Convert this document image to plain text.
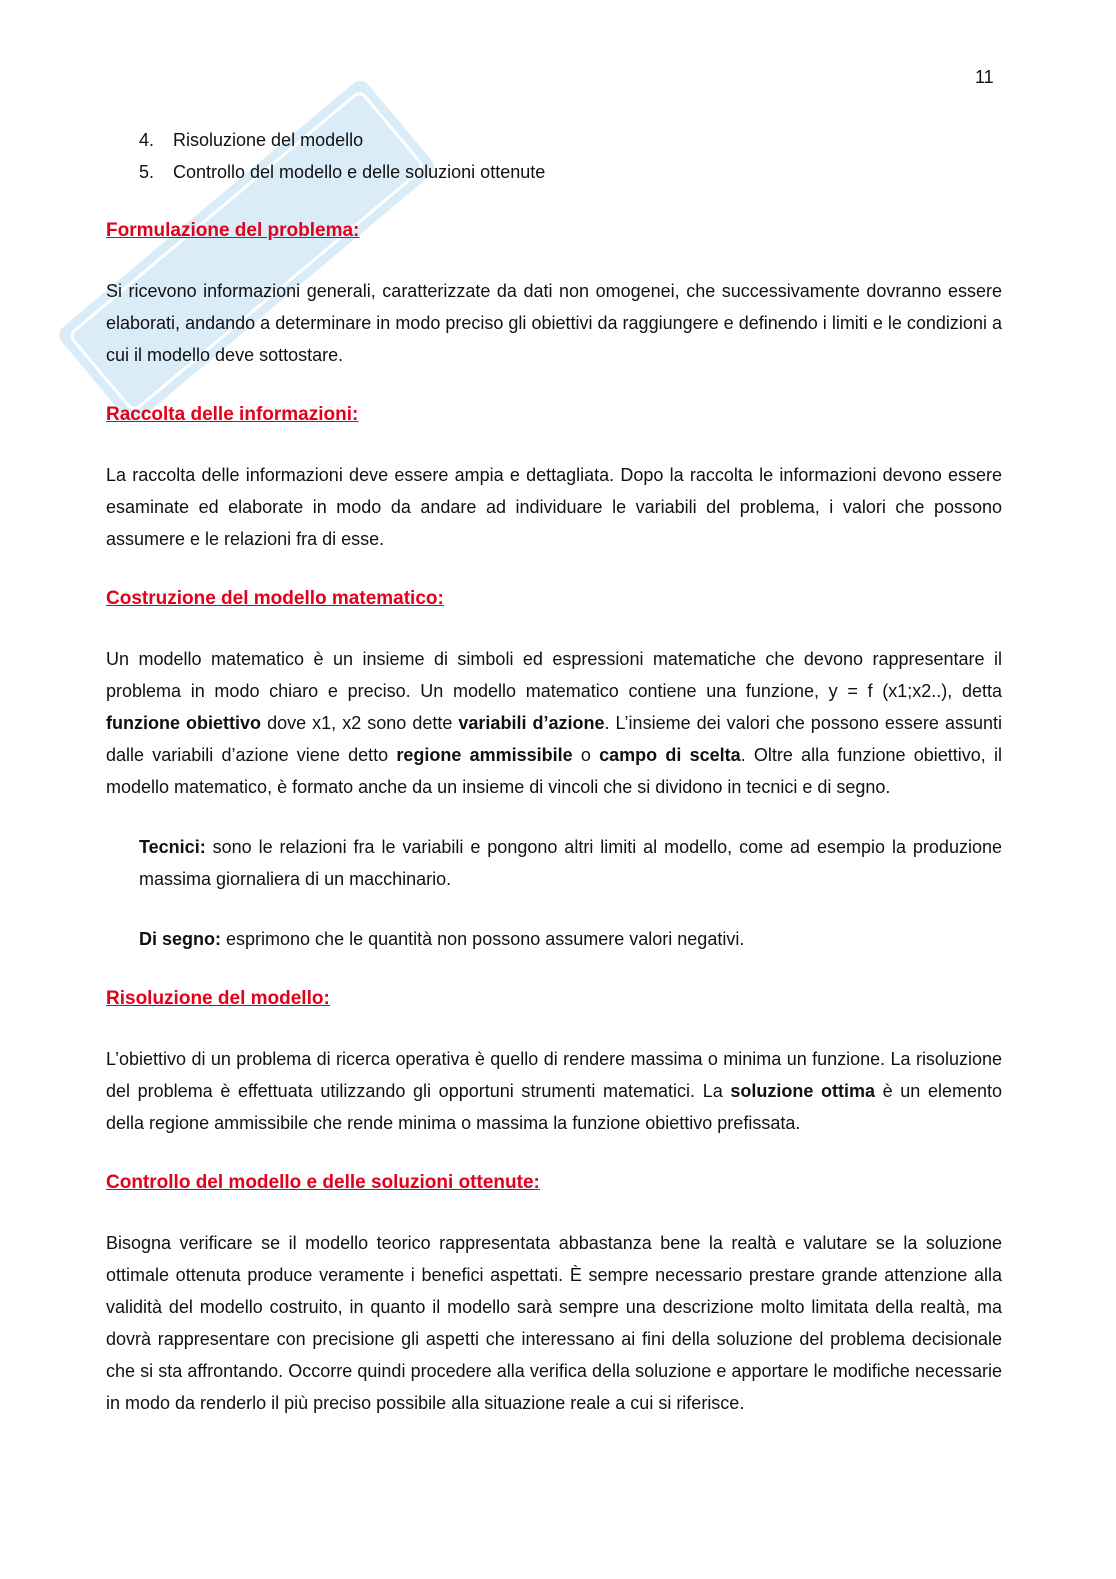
11
4. Risoluzione del modello
5. Controllo del modello e delle soluzioni ottenute
Formulazione del problema:

Si ricevono informazioni generali, caratterizzate da dati non omogenei, che successivamente dovranno essere elaborati, andando a determinare in modo preciso gli obiettivi da raggiungere e definendo i limiti e le condizioni a cui il modello deve sottostare.

Raccolta delle informazioni:

La raccolta delle informazioni deve essere ampia e dettagliata. Dopo la raccolta le informazioni devono essere esaminate ed elaborate in modo da andare ad individuare le variabili del problema, i valori che possono assumere e le relazioni fra di esse.

Costruzione del modello matematico:

Un modello matematico è un insieme di simboli ed espressioni matematiche che devono rappresentare il problema in modo chiaro e preciso. Un modello matematico contiene una funzione, y = f (x1;x2..), detta funzione obiettivo dove x1, x2 sono dette variabili d’azione. L’insieme dei valori che possono essere assunti dalle variabili d’azione viene detto regione ammissibile o campo di scelta. Oltre alla funzione obiettivo, il modello matematico, è formato anche da un insieme di vincoli che si dividono in tecnici e di segno.

Tecnici: sono le relazioni fra le variabili e pongono altri limiti al modello, come ad esempio la produzione massima giornaliera di un macchinario.

Di segno: esprimono che le quantità non possono assumere valori negativi.

Risoluzione del modello:

L’obiettivo di un problema di ricerca operativa è quello di rendere massima o minima un funzione. La risoluzione del problema è effettuata utilizzando gli opportuni strumenti matematici. La soluzione ottima è un elemento della regione ammissibile che rende minima o massima la funzione obiettivo prefissata.

Controllo del modello e delle soluzioni ottenute:

Bisogna verificare se il modello teorico rappresentata abbastanza bene la realtà e valutare se la soluzione ottimale ottenuta produce veramente i benefici aspettati. È sempre necessario prestare grande attenzione alla validità del modello costruito, in quanto il modello sarà sempre una descrizione molto limitata della realtà, ma dovrà rappresentare con precisione gli aspetti che interessano ai fini della soluzione del problema decisionale che si sta affrontando. Occorre quindi procedere alla verifica della soluzione e apportare le modifiche necessarie in modo da renderlo il più preciso possibile alla situazione reale a cui si riferisce.
